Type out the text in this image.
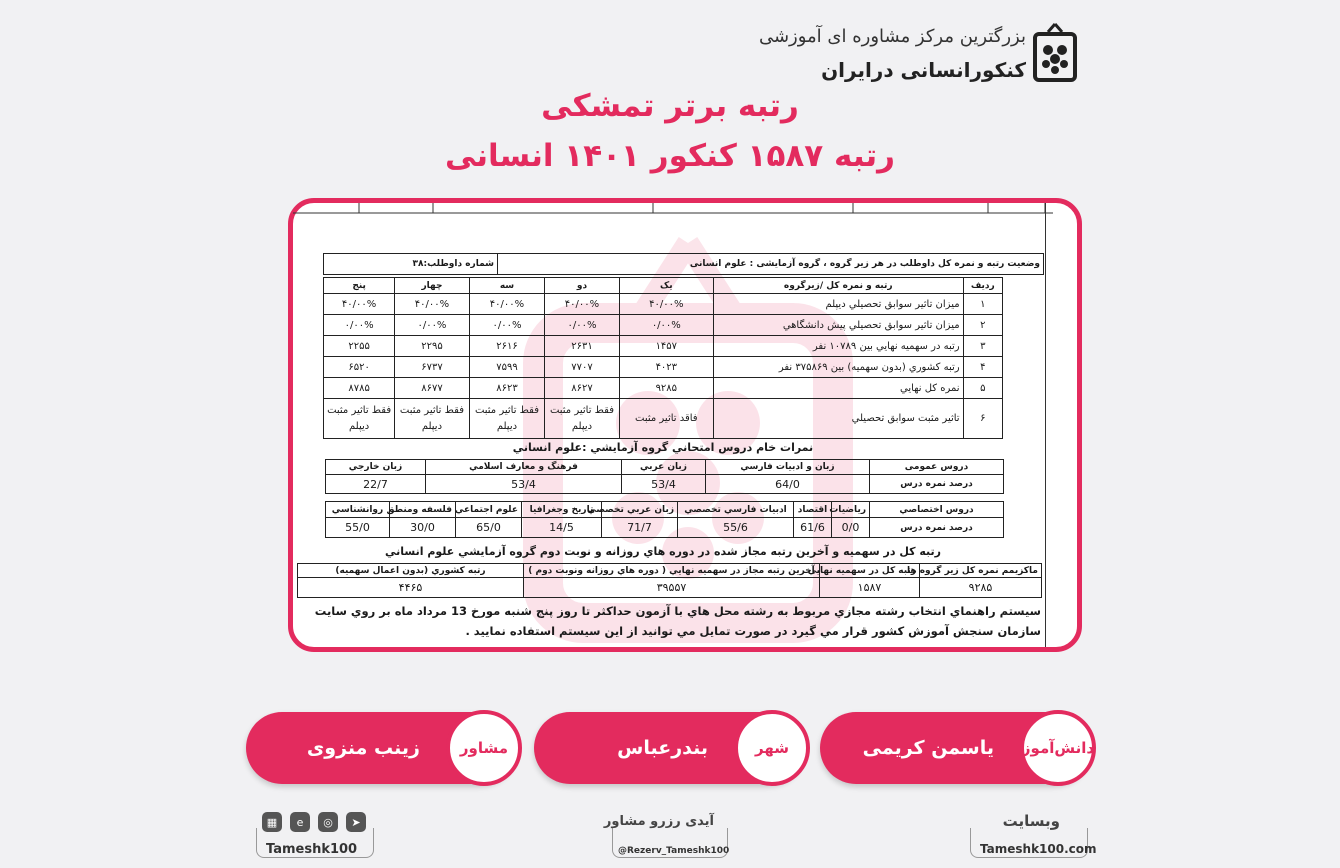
بزرگترین مرکز مشاوره ای آموزشی
کنکورانسانی درایران
رتبه برتر تمشکی
رتبه ۱۵۸۷ کنکور ۱۴۰۱ انسانی
وضعیت رتبه و نمره کل داوطلب در هر زیر گروه ، گروه آزمایشی : علوم انسانی	شماره داوطلب:۳۸
رديف	رتبه و نمره كل /زيرگروه	يک	دو	سه	چهار	پنج
۱	ميزان تاثير سوابق تحصيلي ديپلم	۴۰/۰۰%	۴۰/۰۰%	۴۰/۰۰%	۴۰/۰۰%	۴۰/۰۰%
۲	ميزان تاثير سوابق تحصيلي پيش دانشگاهي	۰/۰۰%	۰/۰۰%	۰/۰۰%	۰/۰۰%	۰/۰۰%
۳	رتبه در سهميه نهايي بين ۱۰۷۸۹ نفر	۱۴۵۷	۲۶۳۱	۲۶۱۶	۲۲۹۵	۲۲۵۵
۴	رتبه كشوري (بدون سهميه) بين ۳۷۵۸۶۹ نفر	۴۰۲۳	۷۷۰۷	۷۵۹۹	۶۷۳۷	۶۵۲۰
۵	نمره كل نهايي	۹۲۸۵	۸۶۲۷	۸۶۲۳	۸۶۷۷	۸۷۸۵
۶	تاثير مثبت سوابق تحصيلي	فاقد تاثير مثبت	فقط تاثير مثبت ديپلم	فقط تاثير مثبت ديپلم	فقط تاثير مثبت ديپلم	فقط تاثير مثبت ديپلم
نمرات خام دروس امتحاني گروه آزمايشي :علوم انساني
دروس عمومی	زبان و ادبيات فارسي	زبان عربي	فرهنگ و معارف اسلامي	زبان خارجي
درصد نمره درس	64/0	53/4	53/4	22/7
دروس اختصاصي	رياضيات	اقتصاد	ادبيات فارسي تخصصي	زبان عربي تخصصي	تاريخ وجغرافيا	علوم اجتماعي	فلسفه ومنطق	روانشناسي
درصد نمره درس	0/0	61/6	55/6	71/7	14/5	65/0	30/0	55/0
رتبه كل در سهميه و آخرين رتبه مجاز شده در دوره هاي روزانه و نوبت دوم گروه آزمايشي علوم انساني
ماكزيمم نمره كل زير گروه ها	رتبه كل در سهميه نهايي	آخرين رتبه مجاز در سهميه نهايي ( دوره هاي روزانه ونوبت دوم )	رتبه كشوري (بدون اعمال سهميه)
۹۲۸۵	۱۵۸۷	۳۹۵۵۷	۴۴۶۵
سيستم راهنماي انتخاب رشته مجازي مربوط به رشته محل هاي با آزمون حداكثر تا روز پنج شنبه مورخ 13 مرداد ماه بر روي سايت سازمان سنجش آموزش كشور قرار مي گيرد در صورت تمايل مي توانيد از اين سيستم استفاده نماييد .
یاسمن کریمی دانش‌آموز
بندرعباس	شهر
زینب منزوی	مشاور
وبسایت
Tameshk100.com
آیدی رزرو مشاور
@Rezerv_Tameshk100
▦	e	◎	➤
Tameshk100
